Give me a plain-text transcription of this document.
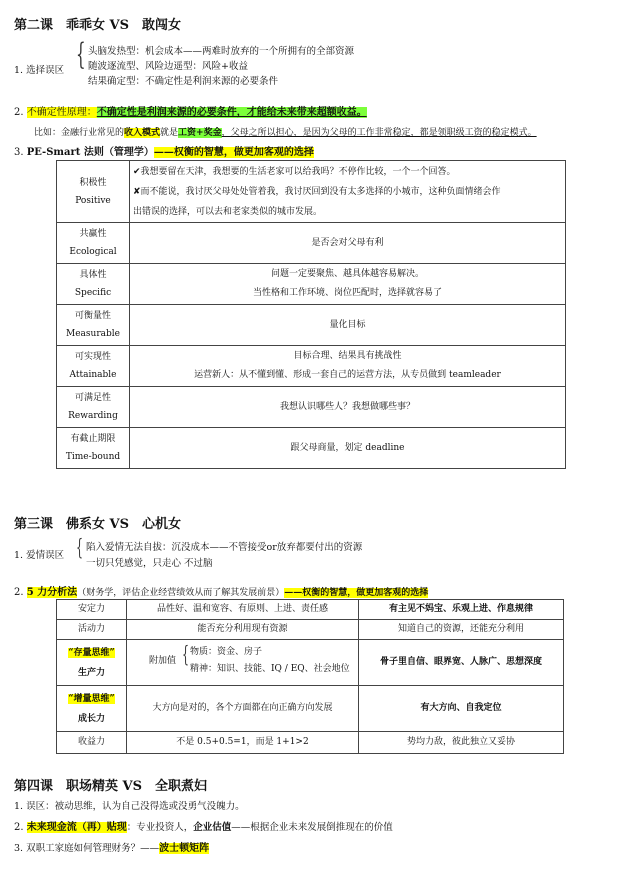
第二课　乖乖女 VS　敢闯女
1. 选择误区 { 头脑发热型：机会成本——两难时放弃的一个所拥有的全部资源
随波逐流型、风险边遥型：风险+收益
结果确定型：不确定性是利润来源的必要条件
2. 不确定性原理：不确定性是利润来源的必要条件，才能给未来带来超额收益。
比如：金融行业常见的收入模式就是工资+奖金，父母之所以担心，是因为父母的工作非常稳定，都是领职级工资的稳定模式。
3. PE-Smart 法则（管理学）——权衡的智慧，做更加客观的选择
积极性
Positive	✔我想要留在天津，我想要的生活老家可以给我吗？不停作比较，一个一个回答。
✘而不能说，我讨厌父母处处管着我，我讨厌回到没有太多选择的小城市，这种负面情绪会作
出错误的选择，可以去和老家类似的城市发展。

共赢性
Ecological	是否会对父母有利

具体性
Specific	问题一定要聚焦、越具体越容易解决。
当性格和工作环境、岗位匹配时，选择就容易了

可衡量性
Measurable	量化目标

可实现性
Attainable	目标合理、结果具有挑战性
运营新人：从不懂到懂、形成一套自己的运营方法，从专员做到 teamleader

可满足性
Rewarding	我想认识哪些人？我想做哪些事？

有截止期限
Time-bound	跟父母商量，划定 deadline
第三课　佛系女 VS　心机女
1. 爱情误区 { 陷入爱情无法自拔：沉没成本——不管接受or放弃都要付出的资源
一切只凭感觉，只走心 不过脑
2. 5 力分析法（财务学，评估企业经营绩效从而了解其发展前景）——权衡的智慧，做更加客观的选择
安定力	品性好、温和宽容、有原则、上进、责任感	有主见不妈宝、乐观上进、作息规律
活动力	能否充分利用现有资源	知道自己的资源，还能充分利用

“存量思维”
生产力	附加值 { 物质：资金、房子
精神：知识、技能、IQ / EQ、社会地位	骨子里自信、眼界宽、人脉广、思想深度

“增量思维”
成长力	大方向是对的，各个方面都在向正确方向发展	有大方向、自我定位
收益力	不是 0.5+0.5=1，而是 1+1>2	势均力敌，彼此独立又妥协
第四课　职场精英 VS　全职煮妇
1. 误区：被动思维，认为自己没得选或没勇气没魄力。
2. 未来现金流（再）贴现：专业投资人，企业估值——根据企业未来发展倒推现在的价值
3. 双职工家庭如何管理财务？——波士顿矩阵
